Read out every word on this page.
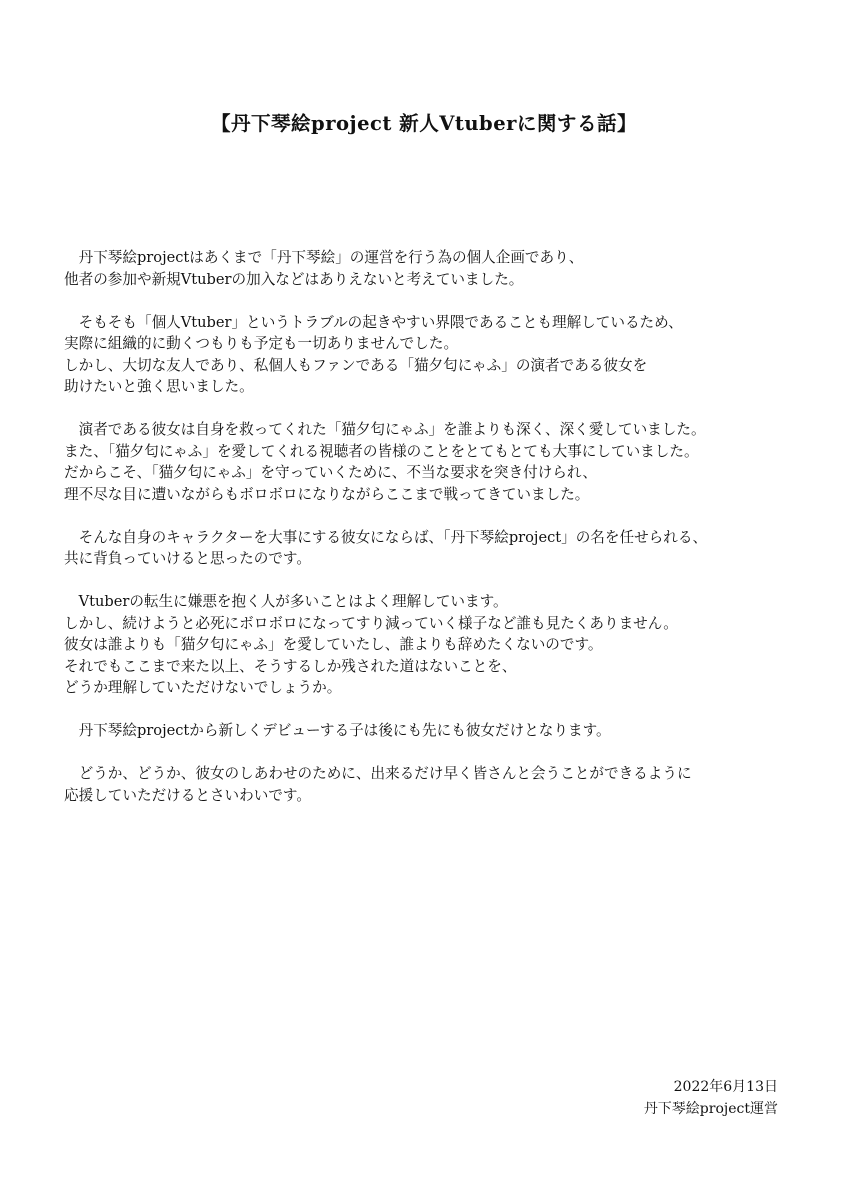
【丹下琴絵project 新人Vtuberに関する話】

　丹下琴絵projectはあくまで「丹下琴絵」の運営を行う為の個人企画であり、
他者の参加や新規Vtuberの加入などはありえないと考えていました。

　そもそも「個人Vtuber」というトラブルの起きやすい界隈であることも理解しているため、
実際に組織的に動くつもりも予定も一切ありませんでした。
しかし、大切な友人であり、私個人もファンである「猫夕匂にゃふ」の演者である彼女を
助けたいと強く思いました。

　演者である彼女は自身を救ってくれた「猫夕匂にゃふ」を誰よりも深く、深く愛していました。
また、「猫夕匂にゃふ」を愛してくれる視聴者の皆様のことをとてもとても大事にしていました。
だからこそ、「猫夕匂にゃふ」を守っていくために、不当な要求を突き付けられ、
理不尽な目に遭いながらもボロボロになりながらここまで戦ってきていました。

　そんな自身のキャラクターを大事にする彼女にならば、「丹下琴絵project」の名を任せられる、
共に背負っていけると思ったのです。

　Vtuberの転生に嫌悪を抱く人が多いことはよく理解しています。
しかし、続けようと必死にボロボロになってすり減っていく様子など誰も見たくありません。
彼女は誰よりも「猫夕匂にゃふ」を愛していたし、誰よりも辞めたくないのです。
それでもここまで来た以上、そうするしか残された道はないことを、
どうか理解していただけないでしょうか。

　丹下琴絵projectから新しくデビューする子は後にも先にも彼女だけとなります。

　どうか、どうか、彼女のしあわせのために、出来るだけ早く皆さんと会うことができるように
応援していただけるとさいわいです。

2022年6月13日
丹下琴絵project運営
